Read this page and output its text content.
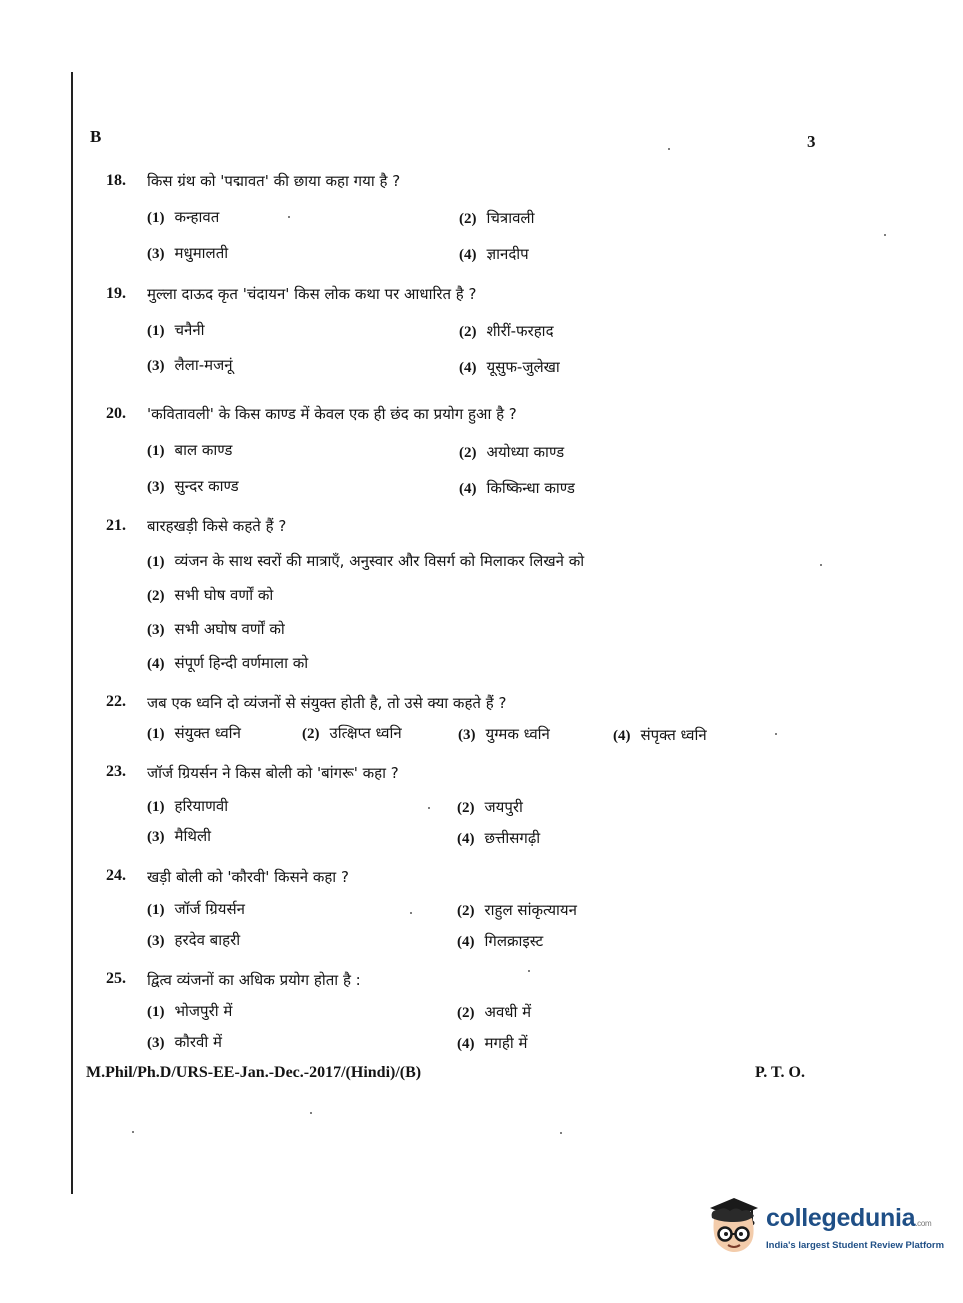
B	3
18. किस ग्रंथ को 'पद्मावत' की छाया कहा गया है ?
(1) कन्हावत	(2) चित्रावली
(3) मधुमालती	(4) ज्ञानदीप
19. मुल्ला दाऊद कृत 'चंदायन' किस लोक कथा पर आधारित है ?
(1) चनैनी	(2) शीरीं-फरहाद
(3) लैला-मजनूं	(4) यूसुफ-जुलेखा
20. 'कवितावली' के किस काण्ड में केवल एक ही छंद का प्रयोग हुआ है ?
(1) बाल काण्ड	(2) अयोध्या काण्ड
(3) सुन्दर काण्ड	(4) किष्किन्धा काण्ड
21. बारहखड़ी किसे कहते हैं ?
(1) व्यंजन के साथ स्वरों की मात्राएँ, अनुस्वार और विसर्ग को मिलाकर लिखने को
(2) सभी घोष वर्णों को
(3) सभी अघोष वर्णों को
(4) संपूर्ण हिन्दी वर्णमाला को
22. जब एक ध्वनि दो व्यंजनों से संयुक्त होती है, तो उसे क्या कहते हैं ?
(1) संयुक्त ध्वनि	(2) उत्क्षिप्त ध्वनि	(3) युग्मक ध्वनि	(4) संपृक्त ध्वनि
23. जॉर्ज ग्रियर्सन ने किस बोली को 'बांगरू' कहा ?
(1) हरियाणवी	(2) जयपुरी
(3) मैथिली	(4) छत्तीसगढ़ी
24. खड़ी बोली को 'कौरवी' किसने कहा ?
(1) जॉर्ज ग्रियर्सन	(2) राहुल सांकृत्यायन
(3) हरदेव बाहरी	(4) गिलक्राइस्ट
25. द्वित्व व्यंजनों का अधिक प्रयोग होता है :
(1) भोजपुरी में	(2) अवधी में
(3) कौरवी में	(4) मगही में
M.Phil/Ph.D/URS-EE-Jan.-Dec.-2017/(Hindi)/(B)	P. T. O.
collegedunia.com
India's largest Student Review Platform
